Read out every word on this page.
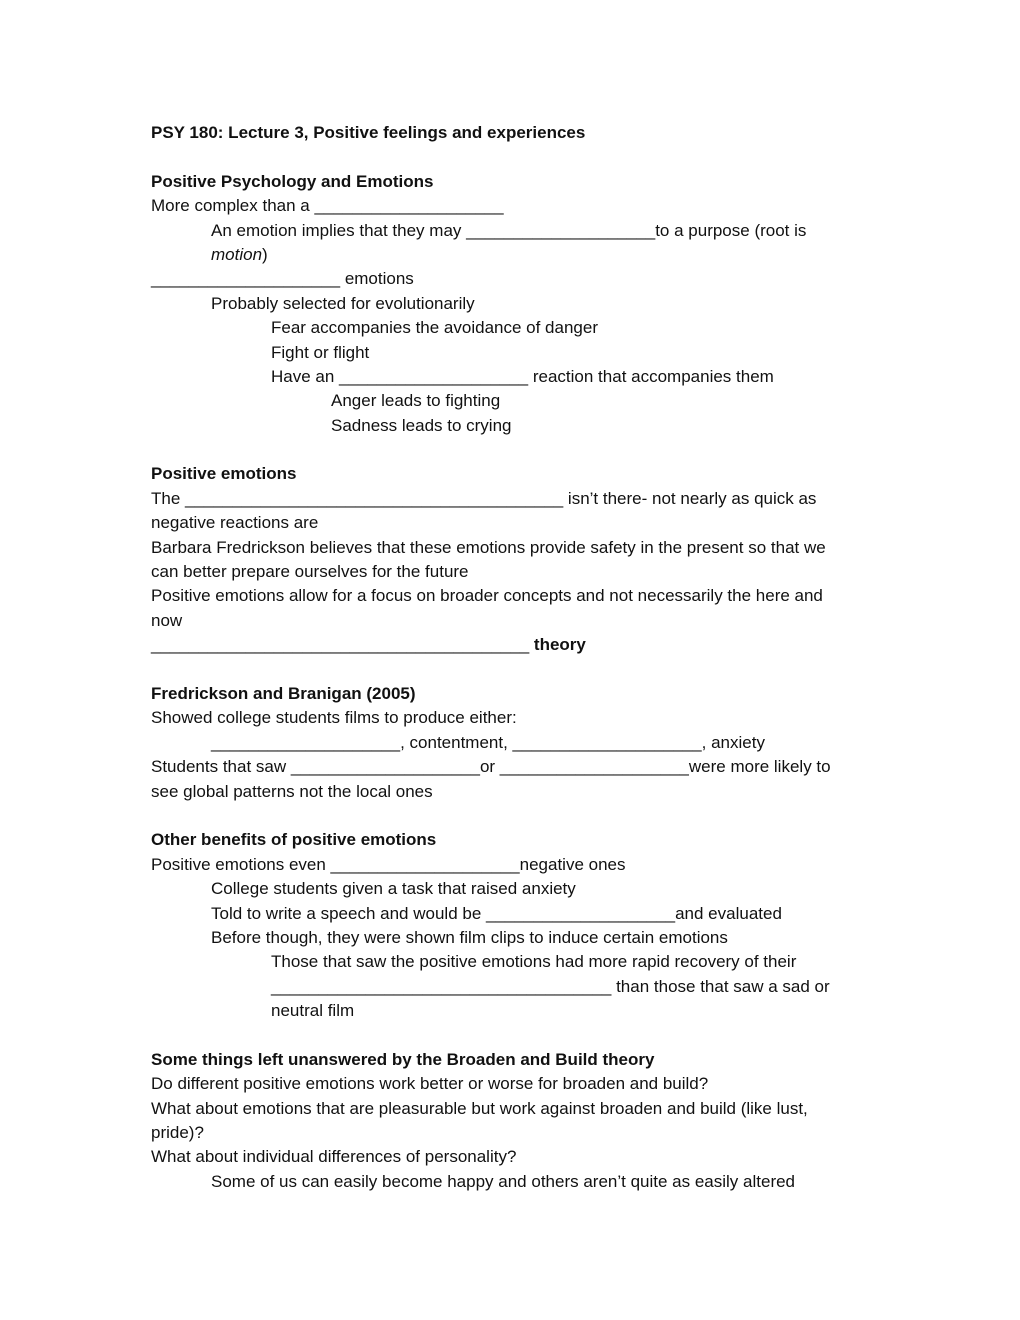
PSY 180: Lecture 3, Positive feelings and experiences
Positive Psychology and Emotions
More complex than a ____________________
An emotion implies that they may ____________________to a purpose (root is
motion)
____________________ emotions
Probably selected for evolutionarily
Fear accompanies the avoidance of danger
Fight or flight
Have an ____________________ reaction that accompanies them
Anger leads to fighting
Sadness leads to crying
Positive emotions
The ________________________________________ isn’t there- not nearly as quick as
negative reactions are
Barbara Fredrickson believes that these emotions provide safety in the present so that we
can better prepare ourselves for the future
Positive emotions allow for a focus on broader concepts and not necessarily the here and
now
________________________________________ theory
Fredrickson and Branigan (2005)
Showed college students films to produce either:
____________________, contentment, ____________________, anxiety
Students that saw ____________________or ____________________were more likely to
see global patterns not the local ones
Other benefits of positive emotions
Positive emotions even ____________________negative ones
College students given a task that raised anxiety
Told to write a speech and would be ____________________and evaluated
Before though, they were shown film clips to induce certain emotions
Those that saw the positive emotions had more rapid recovery of their
____________________________________ than those that saw a sad or
neutral film
Some things left unanswered by the Broaden and Build theory
Do different positive emotions work better or worse for broaden and build?
What about emotions that are pleasurable but work against broaden and build (like lust,
pride)?
What about individual differences of personality?
Some of us can easily become happy and others aren’t quite as easily altered
